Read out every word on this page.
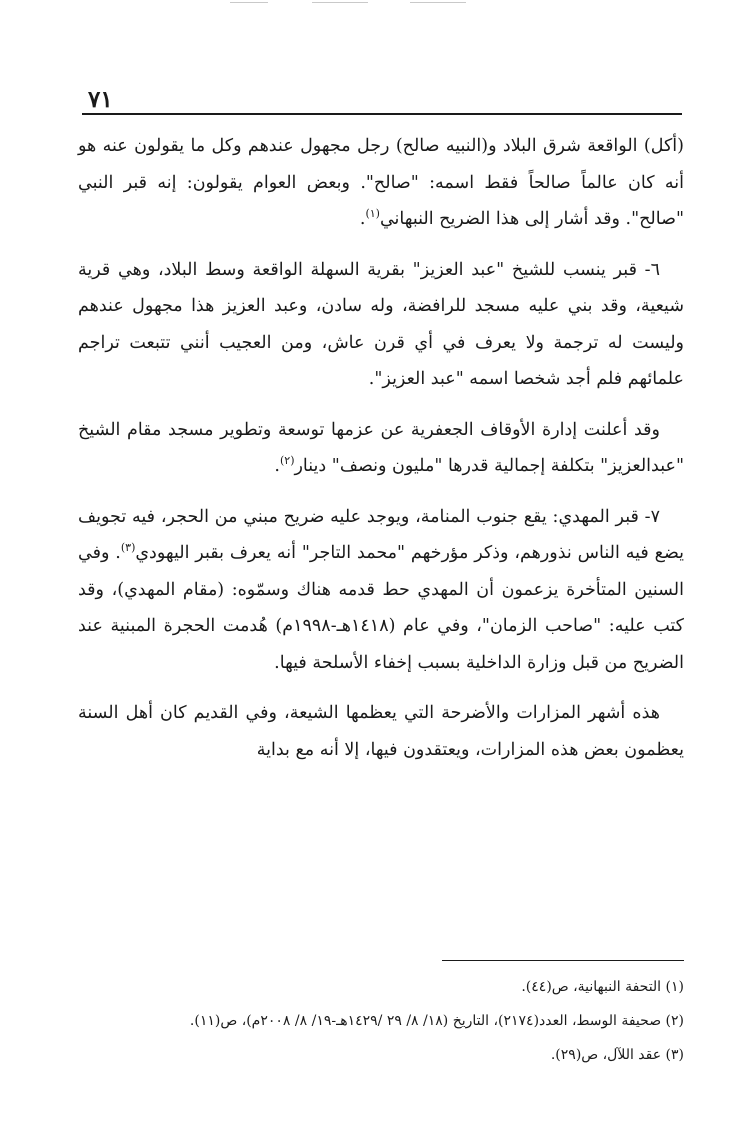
٧١

(أكل) الواقعة شرق البلاد و(النبيه صالح) رجل مجهول عندهم وكل ما يقولون عنه هو أنه كان عالماً صالحاً فقط اسمه: "صالح". وبعض العوام يقولون: إنه قبر النبي "صالح". وقد أشار إلى هذا الضريح النبهاني$^{(١)}$.

٦- قبر ينسب للشيخ "عبد العزيز" بقرية السهلة الواقعة وسط البلاد، وهي قرية شيعية، وقد بني عليه مسجد للرافضة، وله سادن، وعبد العزيز هذا مجهول عندهم وليست له ترجمة ولا يعرف في أي قرن عاش، ومن العجيب أنني تتبعت تراجم علمائهم فلم أجد شخصا اسمه "عبد العزيز".

وقد أعلنت إدارة الأوقاف الجعفرية عن عزمها توسعة وتطوير مسجد مقام الشيخ "عبدالعزيز" بتكلفة إجمالية قدرها "مليون ونصف" دينار$^{(٢)}$.

٧- قبر المهدي: يقع جنوب المنامة، ويوجد عليه ضريح مبني من الحجر، فيه تجويف يضع فيه الناس نذورهم، وذكر مؤرخهم "محمد التاجر" أنه يعرف بقبر اليهودي$^{(٣)}$. وفي السنين المتأخرة يزعمون أن المهدي حط قدمه هناك وسمّوه: (مقام المهدي)، وقد كتب عليه: "صاحب الزمان"، وفي عام (١٤١٨هـ-١٩٩٨م) هُدمت الحجرة المبنية عند الضريح من قبل وزارة الداخلية بسبب إخفاء الأسلحة فيها.

هذه أشهر المزارات والأضرحة التي يعظمها الشيعة، وفي القديم كان أهل السنة يعظمون بعض هذه المزارات، ويعتقدون فيها، إلا أنه مع بداية

(١) التحفة النبهانية، ص(٤٤).

(٢) صحيفة الوسط، العدد(٢١٧٤)، التاريخ (١٨/ ٨/ ٢٩ /١٤٢٩هـ-١٩/ ٨/ ٢٠٠٨م)، ص(١١).

(٣) عقد اللآل، ص(٢٩).
